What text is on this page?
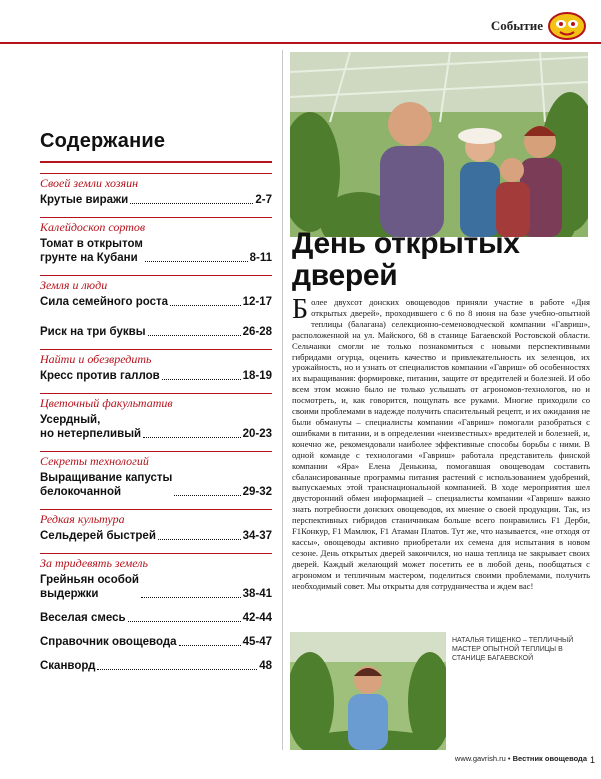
Событие
Содержание
Своей земли хозяин
Крутые виражи	2-7
Калейдоскоп сортов
Томат в открытом
грунте на Кубани	8-11
Земля и люди
Сила семейного роста	12-17
Риск на три буквы	26-28
Найти и обезвредить
Кресс против галлов	18-19
Цветочный факультатив
Усердный,
но нетерпеливый	20-23
Секреты технологий
Выращивание капусты
белокочанной	29-32
Редкая культура
Сельдерей быстрей	34-37
За тридевять земель
Грейньян особой
выдержки	38-41
Веселая смесь	42-44
Справочник овощевода	45-47
Сканворд	48
День открытых дверей
Более двухсот донских овощеводов приняли участие в работе «Дня открытых дверей», проходившего с 6 по 8 июня на базе учебно-опытной теплицы (балагана) селекционно-семеноводческой компании «Гавриш», расположенной на ул. Майского, 68 в станице Багаевской Ростовской области. Сельчанки смогли не только познакомиться с новыми перспективными гибридами огурца, оценить качество и привлекательность их зеленцов, их урожайность, но и узнать от специалистов компании «Гавриш» об особенностях их выращивания: формировке, питании, защите от вредителей и болезней. И обо всем этом можно было не только услышать от агрономов-технологов, но и посмотреть, и, как говорится, пощупать все руками. Многие приходили со своими проблемами в надежде получить спасительный рецепт, и их ожидания не были обмануты – специалисты компании «Гавриш» помогали разобраться с ошибками в питании, и в определении «неизвестных» вредителей и болезней, и, конечно же, рекомендовали наиболее эффективные способы борьбы с ними. В одной команде с технологами «Гавриш» работала представитель финской компании «Яра» Елена Денькина, помогавшая овощеводам составить сбалансированные программы питания растений с использованием удобрений, выпускаемых этой транснациональной компанией. В ходе мероприятия шел двусторонний обмен информацией – специалисты компании «Гавриш» важно знать потребности донских овощеводов, их мнение о своей продукции. Так, из перспективных гибридов станичникам больше всего понравились F1 Дерби, F1Конкур, F1 Мамлюк, F1 Атаман Платов. Тут же, что называется, «не отходя от кассы», овощеводы активно приобретали их семена для испытания в новом сезоне. День открытых дверей закончился, но наша теплица не закрывает своих дверей. Каждый желающий может посетить ее в любой день, пообщаться с агрономом и тепличным мастером, поделиться своими проблемами, получить необходимый совет. Мы открыты для сотрудничества и ждем вас!
НАТАЛЬЯ ТИЩЕНКО – ТЕПЛИЧНЫЙ МАСТЕР ОПЫТНОЙ ТЕПЛИЦЫ В СТАНИЦЕ БАГАЕВСКОЙ
www.gavrish.ru • Вестник овощевода 1
